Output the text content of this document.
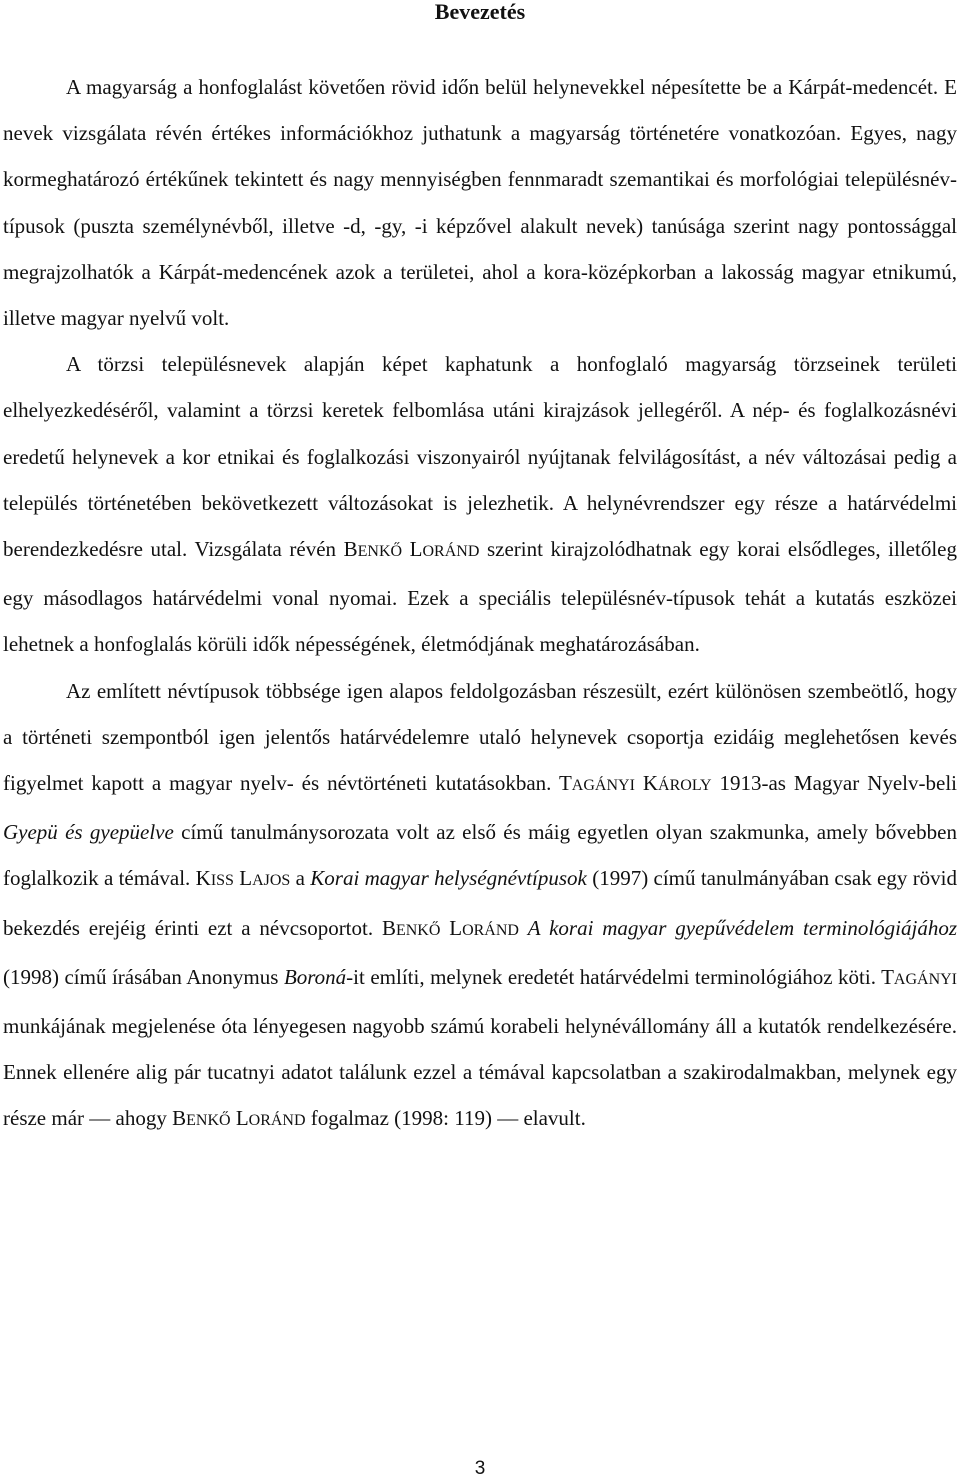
Bevezetés

A magyarság a honfoglalást követően rövid időn belül helynevekkel népesítette be a Kárpát-medencét. E nevek vizsgálata révén értékes információkhoz juthatunk a magyarság történetére vonatkozóan. Egyes, nagy kormeghatározó értékűnek tekintett és nagy mennyiségben fennmaradt szemantikai és morfológiai településnév-típusok (puszta személynévből, illetve -d, -gy, -i képzővel alakult nevek) tanúsága szerint nagy pontossággal megrajzolhatók a Kárpát-medencének azok a területei, ahol a kora-középkorban a lakosság magyar etnikumú, illetve magyar nyelvű volt.

A törzsi településnevek alapján képet kaphatunk a honfoglaló magyarság törzseinek területi elhelyezkedéséről, valamint a törzsi keretek felbomlása utáni kirajzások jellegéről. A nép- és foglalkozásnévi eredetű helynevek a kor etnikai és foglalkozási viszonyairól nyújtanak felvilágosítást, a név változásai pedig a település történetében bekövetkezett változásokat is jelezhetik. A helynévrendszer egy része a határvédelmi berendezkedésre utal. Vizsgálata révén BENKŐ LORÁND szerint kirajzolódhatnak egy korai elsődleges, illetőleg egy másodlagos határvédelmi vonal nyomai. Ezek a speciális településnév-típusok tehát a kutatás eszközei lehetnek a honfoglalás körüli idők népességének, életmódjának meghatározásában.

Az említett névtípusok többsége igen alapos feldolgozásban részesült, ezért különösen szembeötlő, hogy a történeti szempontból igen jelentős határvédelemre utaló helynevek csoportja ezidáig meglehetősen kevés figyelmet kapott a magyar nyelv- és névtörténeti kutatásokban. TAGÁNYI KÁROLY 1913-as Magyar Nyelv-beli Gyepü és gyepüelve című tanulmánysorozata volt az első és máig egyetlen olyan szakmunka, amely bővebben foglalkozik a témával. KISS LAJOS a Korai magyar helységnévtípusok (1997) című tanulmányában csak egy rövid bekezdés erejéig érinti ezt a névcsoportot. BENKŐ LORÁND A korai magyar gyepűvédelem terminológiájához (1998) című írásában Anonymus Boroná-it említi, melynek eredetét határvédelmi terminológiához köti. TAGÁNYI munkájának megjelenése óta lényegesen nagyobb számú korabeli helynévállomány áll a kutatók rendelkezésére. Ennek ellenére alig pár tucatnyi adatot találunk ezzel a témával kapcsolatban a szakirodalmakban, melynek egy része már — ahogy BENKŐ LORÁND fogalmaz (1998: 119) — elavult.

3
